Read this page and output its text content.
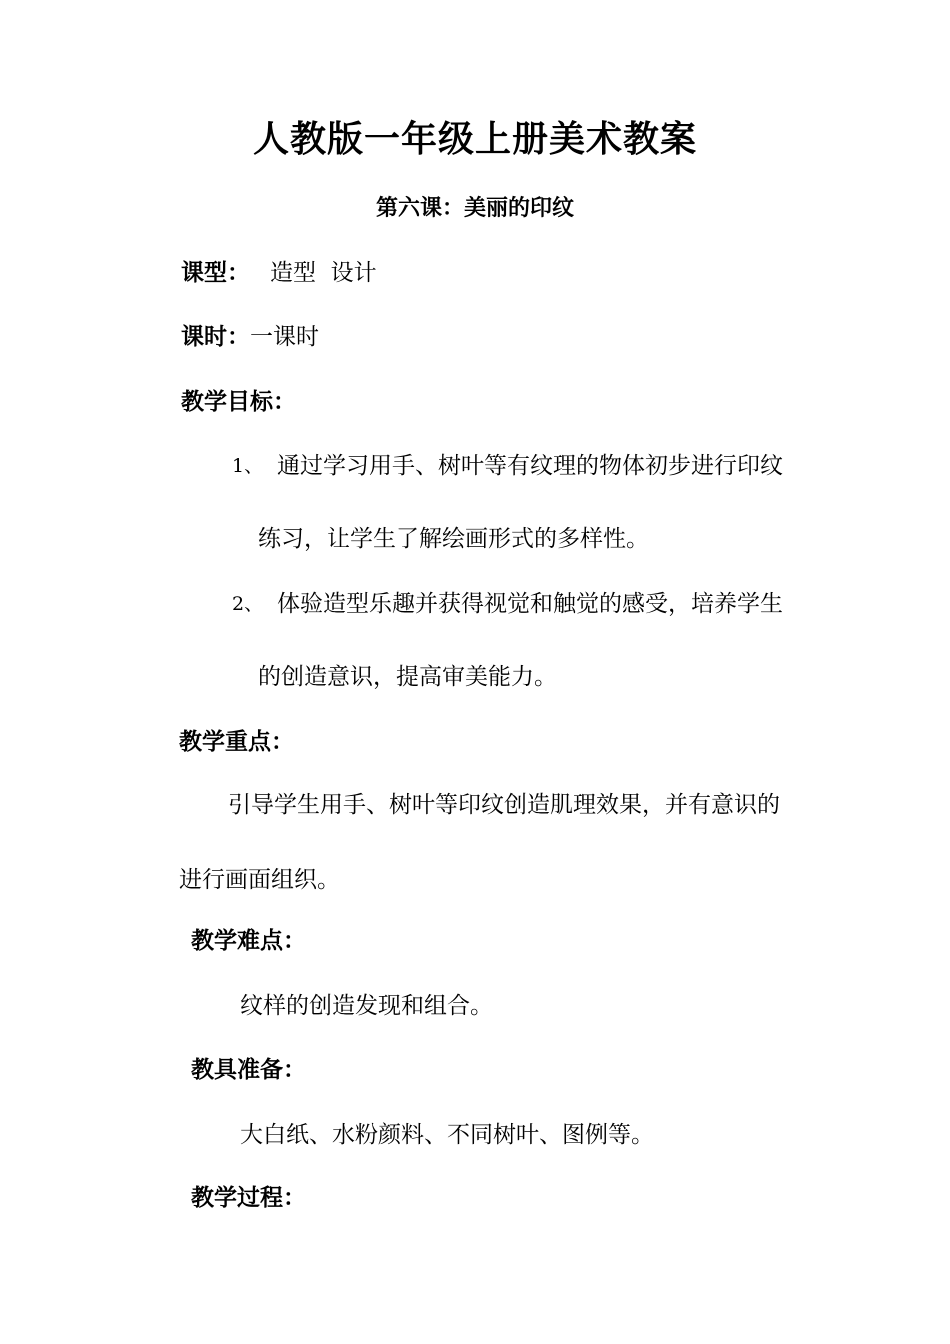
人教版一年级上册美术教案
第六课：美丽的印纹
课型： 造型  设计
课时：一课时
教学目标：
1、 通过学习用手、树叶等有纹理的物体初步进行印纹
练习，让学生了解绘画形式的多样性。
2、 体验造型乐趣并获得视觉和触觉的感受，培养学生
的创造意识，提高审美能力。
教学重点：
引导学生用手、树叶等印纹创造肌理效果，并有意识的
进行画面组织。
教学难点：
纹样的创造发现和组合。
教具准备：
大白纸、水粉颜料、不同树叶、图例等。
教学过程：
